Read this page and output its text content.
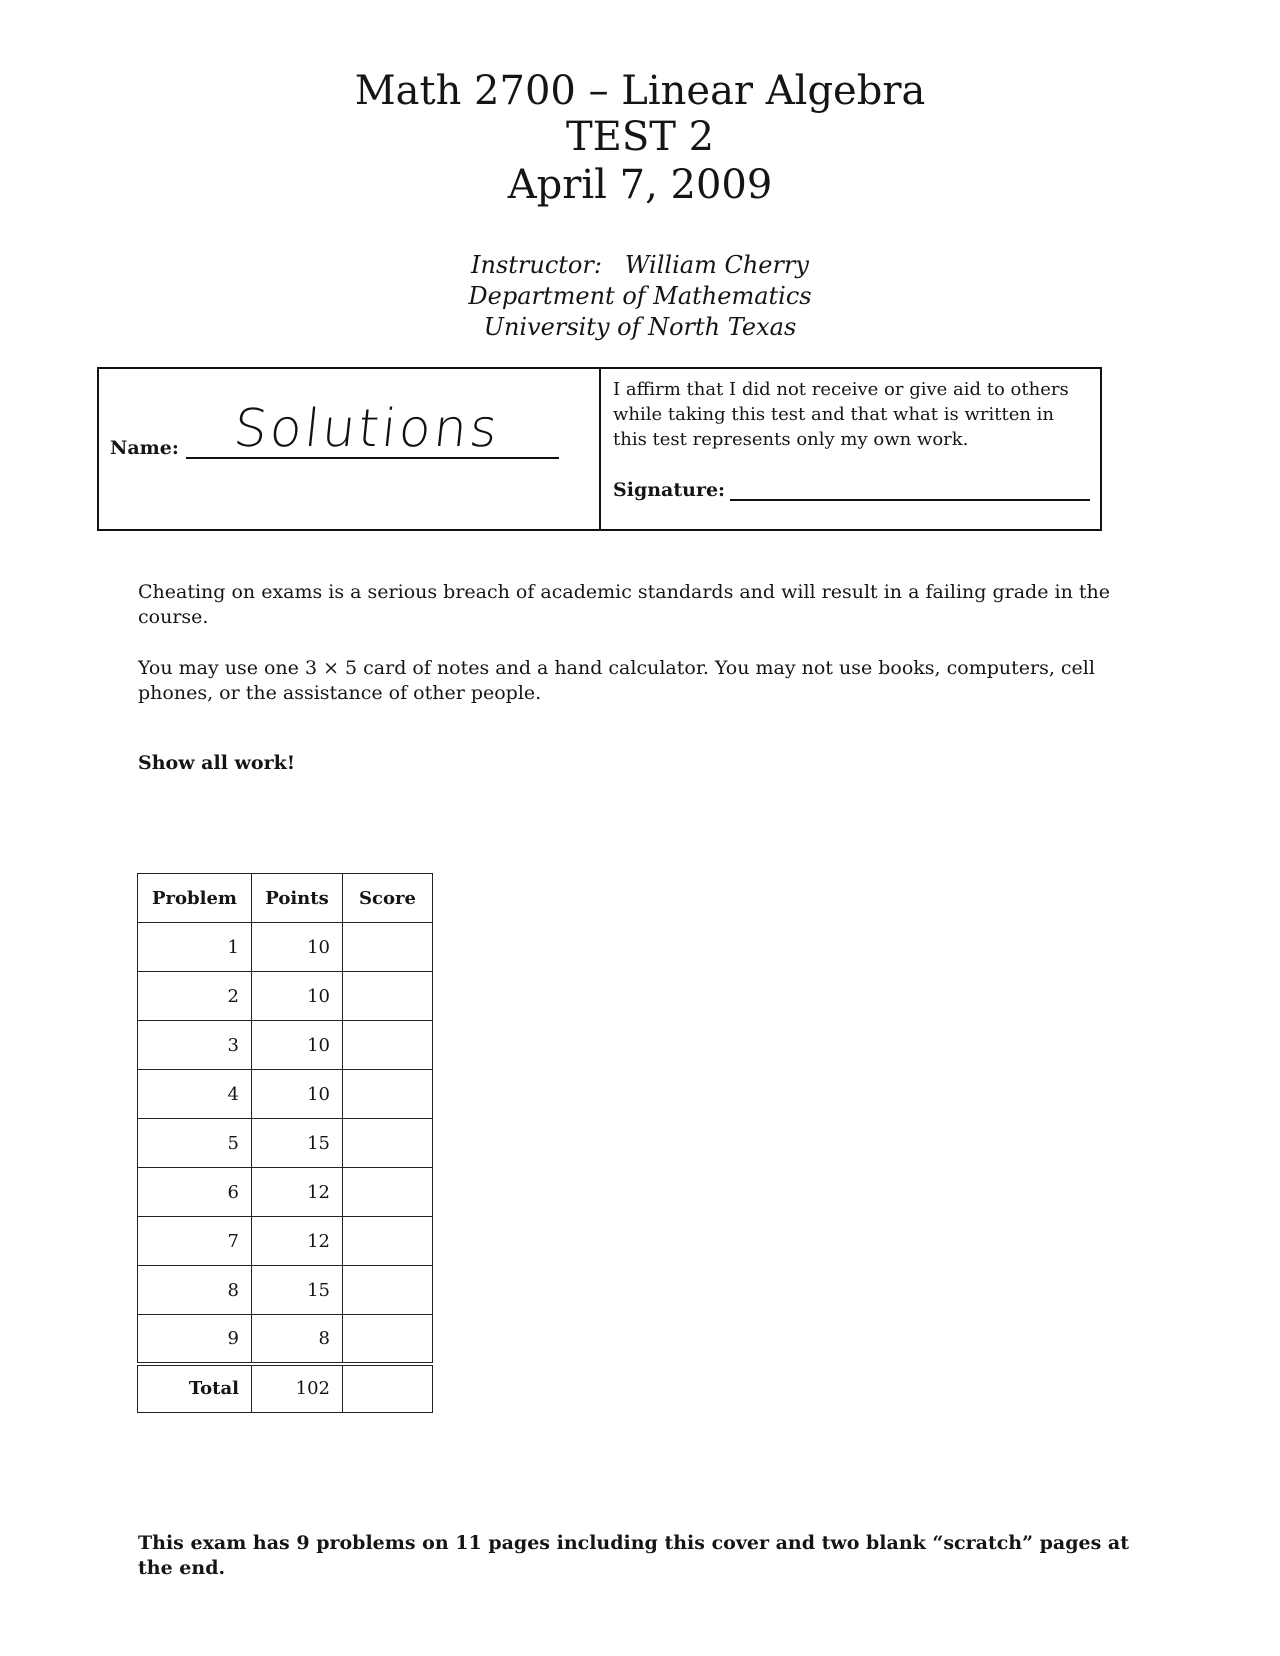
Math 2700 – Linear Algebra
TEST 2
April 7, 2009
Instructor: William Cherry
Department of Mathematics
University of North Texas
Name: Solutions
I affirm that I did not receive or give aid to others while taking this test and that what is written in this test represents only my own work.
Signature:
Cheating on exams is a serious breach of academic standards and will result in a failing grade in the course.
You may use one 3 × 5 card of notes and a hand calculator. You may not use books, computers, cell phones, or the assistance of other people.
Show all work!
Problem	Points	Score
1	10	
2	10	
3	10	
4	10	
5	15	
6	12	
7	12	
8	15	
9	8	
Total	102	
This exam has 9 problems on 11 pages including this cover and two blank “scratch” pages at the end.
